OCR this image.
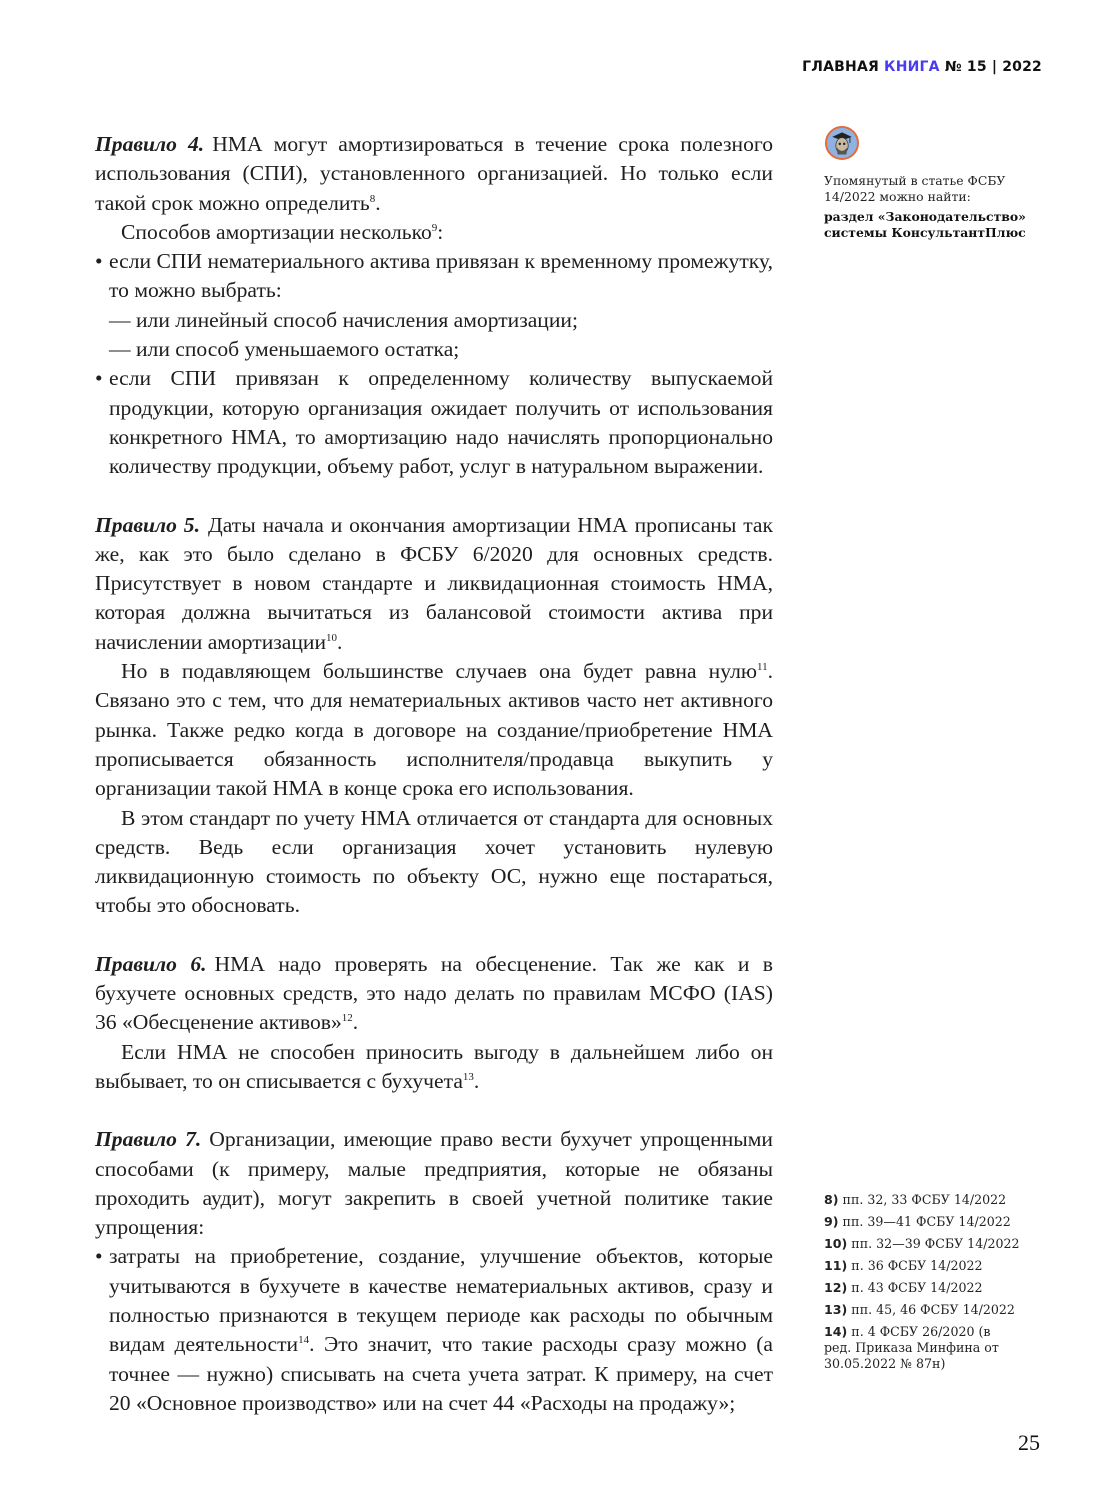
ГЛАВНАЯ КНИГА № 15 | 2022

Правило 4. НМА могут амортизироваться в течение срока полезного использования (СПИ), установленного организацией. Но только если такой срок можно определить$^8$.

Способов амортизации несколько$^9$:

• если СПИ нематериального актива привязан к временному промежутку, то можно выбрать:
— или линейный способ начисления амортизации;
— или способ уменьшаемого остатка;
• если СПИ привязан к определенному количеству выпускаемой продукции, которую организация ожидает получить от использования конкретного НМА, то амортизацию надо начислять пропорционально количеству продукции, объему работ, услуг в натуральном выражении.

Правило 5. Даты начала и окончания амортизации НМА прописаны так же, как это было сделано в ФСБУ 6/2020 для основных средств. Присутствует в новом стандарте и ликвидационная стоимость НМА, которая должна вычитаться из балансовой стоимости актива при начислении амортизации$^{10}$.

Но в подавляющем большинстве случаев она будет равна нулю$^{11}$. Связано это с тем, что для нематериальных активов часто нет активного рынка. Также редко когда в договоре на создание/приобретение НМА прописывается обязанность исполнителя/продавца выкупить у организации такой НМА в конце срока его использования.

В этом стандарт по учету НМА отличается от стандарта для основных средств. Ведь если организация хочет установить нулевую ликвидационную стоимость по объекту ОС, нужно еще постараться, чтобы это обосновать.

Правило 6. НМА надо проверять на обесценение. Так же как и в бухучете основных средств, это надо делать по правилам МСФО (IAS) 36 «Обесценение активов»$^{12}$.

Если НМА не способен приносить выгоду в дальнейшем либо он выбывает, то он списывается с бухучета$^{13}$.

Правило 7. Организации, имеющие право вести бухучет упрощенными способами (к примеру, малые предприятия, которые не обязаны проходить аудит), могут закрепить в своей учетной политике такие упрощения:

• затраты на приобретение, создание, улучшение объектов, которые учитываются в бухучете в качестве нематериальных активов, сразу и полностью признаются в текущем периоде как расходы по обычным видам деятельности$^{14}$. Это значит, что такие расходы сразу можно (а точнее — нужно) списывать на счета учета затрат. К примеру, на счет 20 «Основное производство» или на счет 44 «Расходы на продажу»;
Упомянутый в статье ФСБУ 14/2022 можно найти:
раздел «Законодательство» системы КонсультантПлюс
8) пп. 32, 33 ФСБУ 14/2022
9) пп. 39—41 ФСБУ 14/2022
10) пп. 32—39 ФСБУ 14/2022
11) п. 36 ФСБУ 14/2022
12) п. 43 ФСБУ 14/2022
13) пп. 45, 46 ФСБУ 14/2022
14) п. 4 ФСБУ 26/2020 (в ред. Приказа Минфина от 30.05.2022 № 87н)
25
